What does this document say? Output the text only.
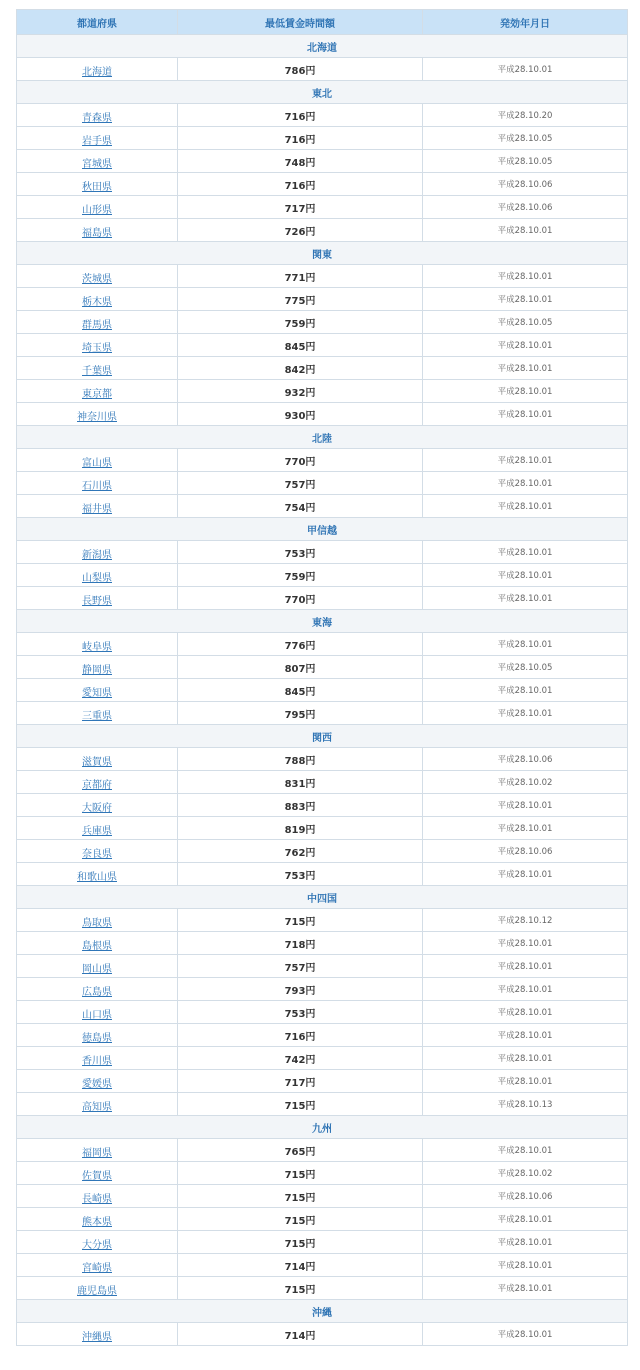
都道府県	最低賃金時間額	発効年月日
北海道		
北海道	786円	平成28.10.01
東北		
青森県	716円	平成28.10.20
岩手県	716円	平成28.10.05
宮城県	748円	平成28.10.05
秋田県	716円	平成28.10.06
山形県	717円	平成28.10.06
福島県	726円	平成28.10.01
関東		
茨城県	771円	平成28.10.01
栃木県	775円	平成28.10.01
群馬県	759円	平成28.10.05
埼玉県	845円	平成28.10.01
千葉県	842円	平成28.10.01
東京都	932円	平成28.10.01
神奈川県	930円	平成28.10.01
北陸		
富山県	770円	平成28.10.01
石川県	757円	平成28.10.01
福井県	754円	平成28.10.01
甲信越		
新潟県	753円	平成28.10.01
山梨県	759円	平成28.10.01
長野県	770円	平成28.10.01
東海		
岐阜県	776円	平成28.10.01
静岡県	807円	平成28.10.05
愛知県	845円	平成28.10.01
三重県	795円	平成28.10.01
関西		
滋賀県	788円	平成28.10.06
京都府	831円	平成28.10.02
大阪府	883円	平成28.10.01
兵庫県	819円	平成28.10.01
奈良県	762円	平成28.10.06
和歌山県	753円	平成28.10.01
中四国		
鳥取県	715円	平成28.10.12
島根県	718円	平成28.10.01
岡山県	757円	平成28.10.01
広島県	793円	平成28.10.01
山口県	753円	平成28.10.01
徳島県	716円	平成28.10.01
香川県	742円	平成28.10.01
愛媛県	717円	平成28.10.01
高知県	715円	平成28.10.13
九州		
福岡県	765円	平成28.10.01
佐賀県	715円	平成28.10.02
長崎県	715円	平成28.10.06
熊本県	715円	平成28.10.01
大分県	715円	平成28.10.01
宮崎県	714円	平成28.10.01
鹿児島県	715円	平成28.10.01
沖縄		
沖縄県	714円	平成28.10.01
